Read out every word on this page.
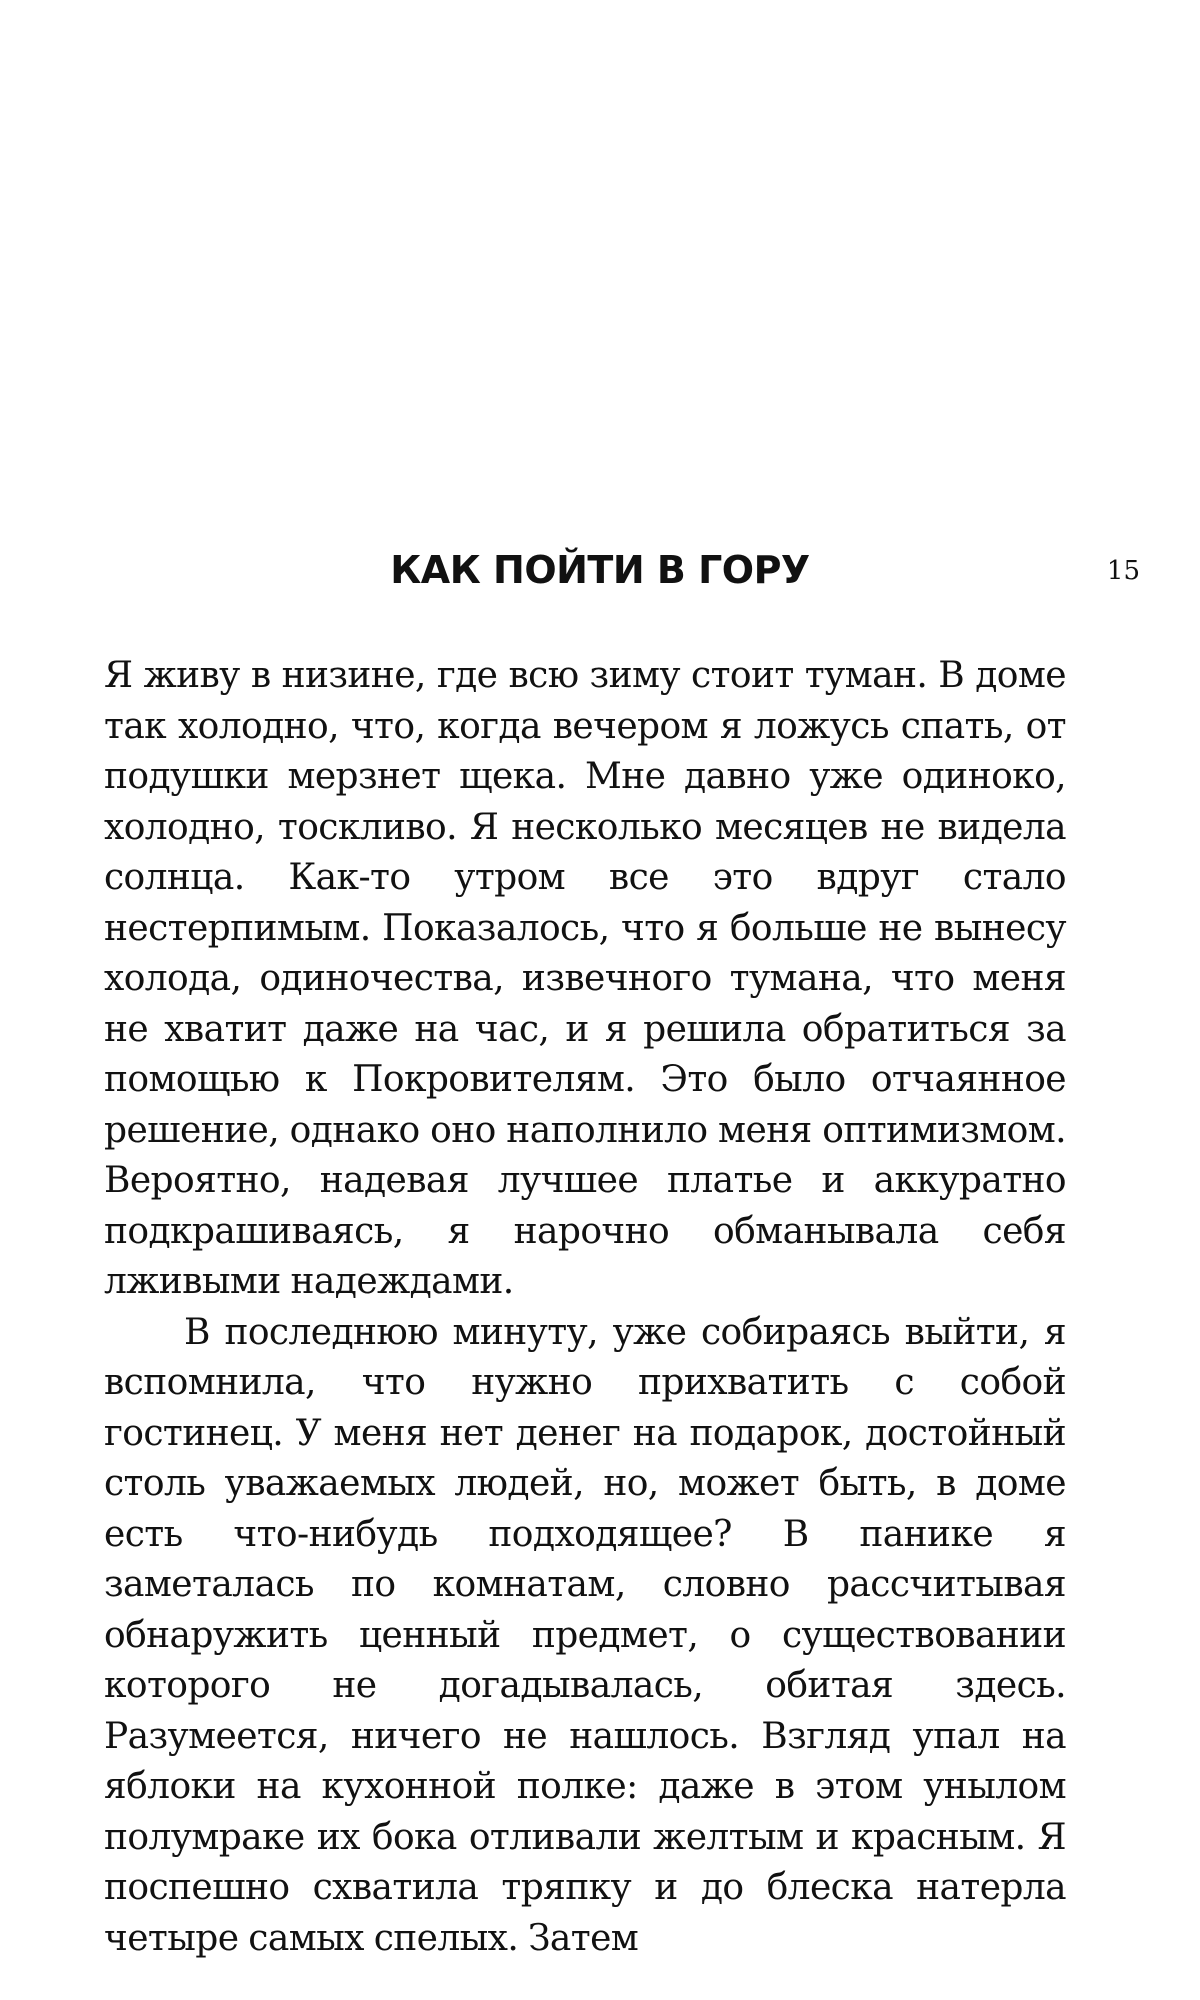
КАК ПОЙТИ В ГОРУ	15

Я живу в низине, где всю зиму стоит туман. В доме так холодно, что, когда вечером я ложусь спать, от подушки мерзнет щека. Мне давно уже одиноко, холодно, тоскливо. Я несколько месяцев не видела солнца. Как-то утром все это вдруг стало нестерпимым. Показалось, что я больше не вынесу холода, одиночества, извечного тумана, что меня не хватит даже на час, и я решила обратиться за помощью к Покровителям. Это было отчаянное решение, однако оно наполнило меня оптимизмом. Вероятно, надевая лучшее платье и аккуратно подкрашиваясь, я нарочно обманывала себя лживыми надеждами.

В последнюю минуту, уже собираясь выйти, я вспомнила, что нужно прихватить с собой гостинец. У меня нет денег на подарок, достойный столь уважаемых людей, но, может быть, в доме есть что-нибудь подходящее? В панике я заметалась по комнатам, словно рассчитывая обнаружить ценный предмет, о существовании которого не догадывалась, обитая здесь. Разумеется, ничего не нашлось. Взгляд упал на яблоки на кухонной полке: даже в этом унылом полумраке их бока отливали желтым и красным. Я поспешно схватила тряпку и до блеска натерла четыре самых спелых. Затем
